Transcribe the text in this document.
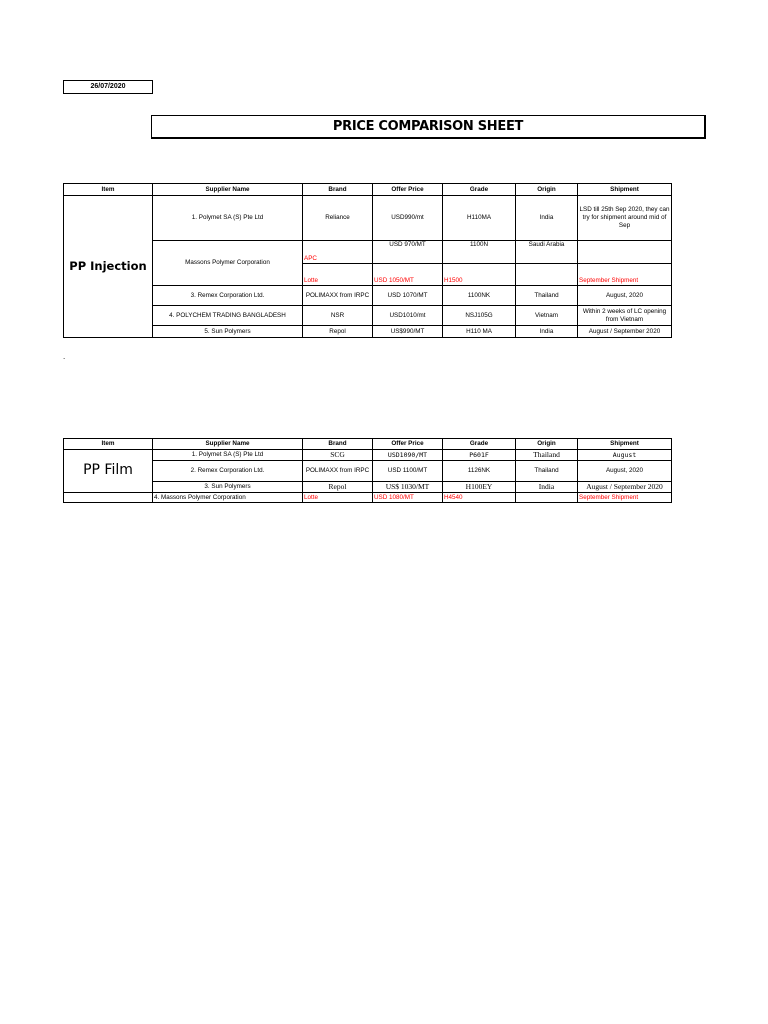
26/07/2020
PRICE COMPARISON SHEET
Item	Supplier Name	Brand	Offer Price	Grade	Origin	Shipment
PP Injection	1. Polymet SA (S) Pte Ltd	Reliance	USD990/mt	H110MA	India	LSD till 25th Sep 2020, they can try for shipment around mid of Sep
	Massons Polymer Corporation	APC	USD 970/MT	1100N	Saudi Arabia	
		Lotte	USD 1050/MT	H1500		September Shipment
	3. Remex Corporation Ltd.	POLIMAXX from IRPC	USD 1070/MT	1100NK	Thailand	August, 2020
	4. POLYCHEM TRADING BANGLADESH	NSR	USD1010/mt	NSJ105G	Vietnam	Within 2 weeks of LC opening from Vietnam
	5. Sun Polymers	Repol	US$990/MT	H110 MA	India	August / September 2020
.
Item	Supplier Name	Brand	Offer Price	Grade	Origin	Shipment
PP Film	1. Polymet SA (S) Pte Ltd	SCG	USD1090/MT	P601F	Thailand	August
	2. Remex Corporation Ltd.	POLIMAXX from IRPC	USD 1100/MT	1126NK	Thailand	August, 2020
	3. Sun Polymers	Repol	US$ 1030/MT	H100EY	India	August / September 2020
	4. Massons Polymer Corporation	Lotte	USD 1080/MT	H4540		September Shipment
